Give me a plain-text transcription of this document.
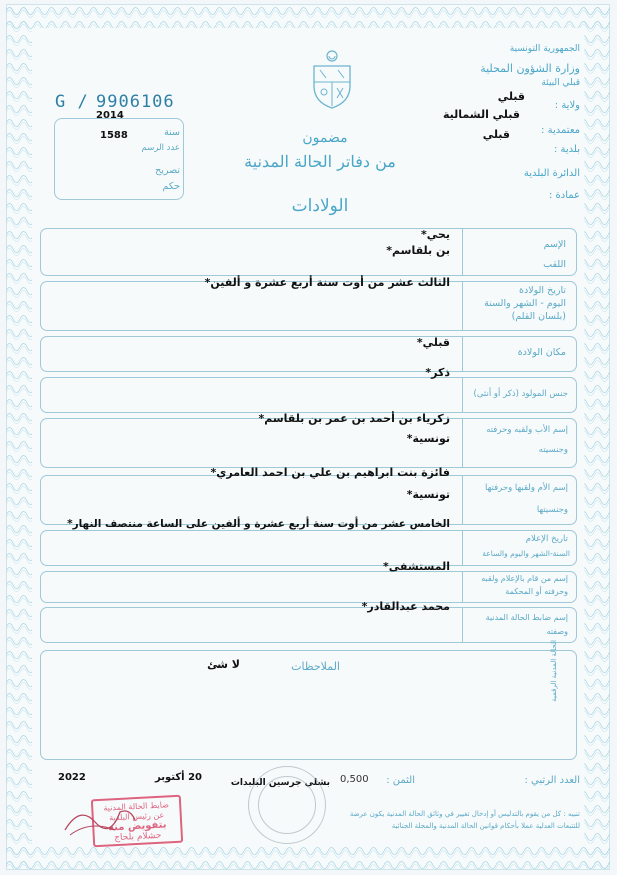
الجمهورية التونسية
وزارة الشؤون المحلية
قبلي البيئة
ولاية :
قبلي
قبلي الشمالية
معتمدية :
قبلي
بلدية :
الدائرة البلدية
عمادة :
G / 9906106
2014
سنة
1588
عدد الرسم
تصريح
حكم
مضمون
من دفاتر الحالة المدنية
الولادات
الإسم
اللقب
يحي*
بن بلقاسم*
تاريخ الولادة
اليوم - الشهر والسنة
(بلسان القلم)
الثالث عشر من أوت سنة أربع عشرة و ألفين*
مكان الولادة
قبلي*
جنس المولود (ذكر أو أنثى)
ذكر*
إسم الأب ولقبه وحرفته
وجنسيته
زكرياء بن أحمد بن عمر بن بلقاسم*
تونسية*
إسم الأم ولقبها وحرفتها
وجنسيتها
فائزة بنت ابراهيم بن علي بن احمد العامري*
تونسية*
تاريخ الإعلام
السنة-الشهر واليوم والساعة
الخامس عشر من أوت سنة أربع عشرة و ألفين على الساعة منتصف النهار*
إسم من قام بالإعلام ولقبه
وحرفته أو المحكمة
المستشفى*
إسم ضابط الحالة المدنية
وصفته
محمد عبدالقادر*
الملاحظات
لا شئ	الحالة المدنية الرقمية
العدد الرتبي :
الثمن :
0,500
بشلي جرسين البلبدات
20 أكتوبر
2022
تنبيه : كل من يقوم بالتدليس أو إدخال تغيير في وثائق الحالة المدنية يكون عرضة
للتتبعات العدلية عملا بأحكام قوانين الحالة المدنية والمجلة الجنائية
ضابط الحالة المدنية
عن رئيس البلدية
بتفويض منه
حشلام بلحاج
